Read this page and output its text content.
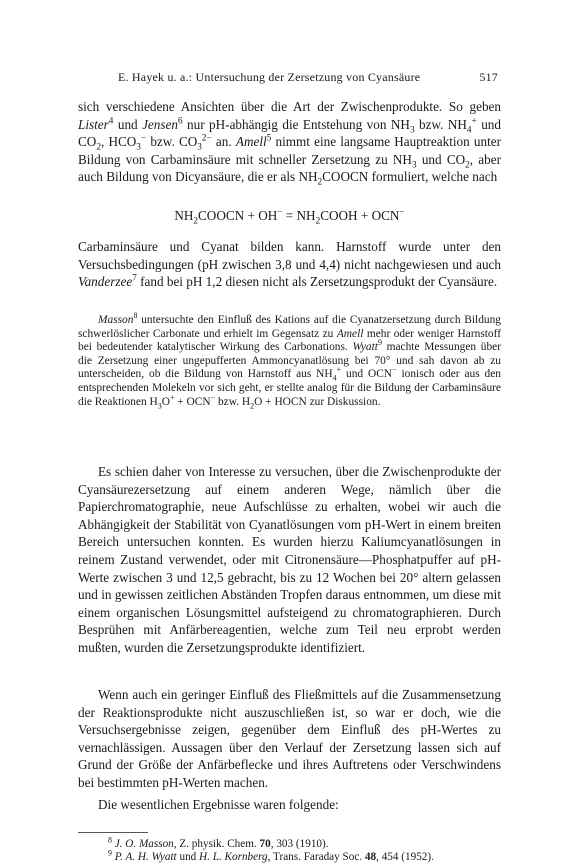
E. Hayek u. a.: Untersuchung der Zersetzung von Cyansäure	517

sich verschiedene Ansichten über die Art der Zwischenprodukte. So geben Lister$^4$ und Jensen$^6$ nur pH-abhängig die Entstehung von $NH_3$ bzw. $NH_4^+$ und $CO_2$, $HCO_3^-$ bzw. $CO_3^{2-}$ an. Amell$^5$ nimmt eine langsame Hauptreaktion unter Bildung von Carbaminsäure mit schneller Zersetzung zu $NH_3$ und $CO_2$, aber auch Bildung von Dicyansäure, die er als $NH_2COOCN$ formuliert, welche nach

$NH_2COOCN + OH^-$ = $NH_2COOH + OCN^-$

Carbaminsäure und Cyanat bilden kann. Harnstoff wurde unter den Versuchsbedingungen (pH zwischen 3,8 und 4,4) nicht nachgewiesen und auch Vanderzee$^7$ fand bei pH 1,2 diesen nicht als Zersetzungsprodukt der Cyansäure.

Masson$^8$ untersuchte den Einfluß des Kations auf die Cyanatzersetzung durch Bildung schwerlöslicher Carbonate und erhielt im Gegensatz zu Amell mehr oder weniger Harnstoff bei bedeutender katalytischer Wirkung des Carbonations. Wyatt$^9$ machte Messungen über die Zersetzung einer ungepufferten Ammoncyanatlösung bei 70° und sah davon ab zu unterscheiden, ob die Bildung von Harnstoff aus $NH_4^+$ und OCN− ionisch oder aus den entsprechenden Molekeln vor sich geht, er stellte analog für die Bildung der Carbaminsäure die Reaktionen $H_3O^+ + OCN^-$ bzw. $H_2O$ + HOCN zur Diskussion.

Es schien daher von Interesse zu versuchen, über die Zwischenprodukte der Cyansäurezersetzung auf einem anderen Wege, nämlich über die Papierchromatographie, neue Aufschlüsse zu erhalten, wobei wir auch die Abhängigkeit der Stabilität von Cyanatlösungen vom pH-Wert in einem breiten Bereich untersuchen konnten. Es wurden hierzu Kaliumcyanatlösungen in reinem Zustand verwendet, oder mit Citronensäure—Phosphatpuffer auf pH-Werte zwischen 3 und 12,5 gebracht, bis zu 12 Wochen bei 20° altern gelassen und in gewissen zeitlichen Abständen Tropfen daraus entnommen, um diese mit einem organischen Lösungsmittel aufsteigend zu chromatographieren. Durch Besprühen mit Anfärbereagentien, welche zum Teil neu erprobt werden mußten, wurden die Zersetzungsprodukte identifiziert.

Wenn auch ein geringer Einfluß des Fließmittels auf die Zusammensetzung der Reaktionsprodukte nicht auszuschließen ist, so war er doch, wie die Versuchsergebnisse zeigen, gegenüber dem Einfluß des pH-Wertes zu vernachlässigen. Aussagen über den Verlauf der Zersetzung lassen sich auf Grund der Größe der Anfärbeflecke und ihres Auftretens oder Verschwindens bei bestimmten pH-Werten machen.

Die wesentlichen Ergebnisse waren folgende:

$^8$ J. O. Masson, Z. physik. Chem. 70, 303 (1910).

$^9$ P. A. H. Wyatt und H. L. Kornberg, Trans. Faraday Soc. 48, 454 (1952).
